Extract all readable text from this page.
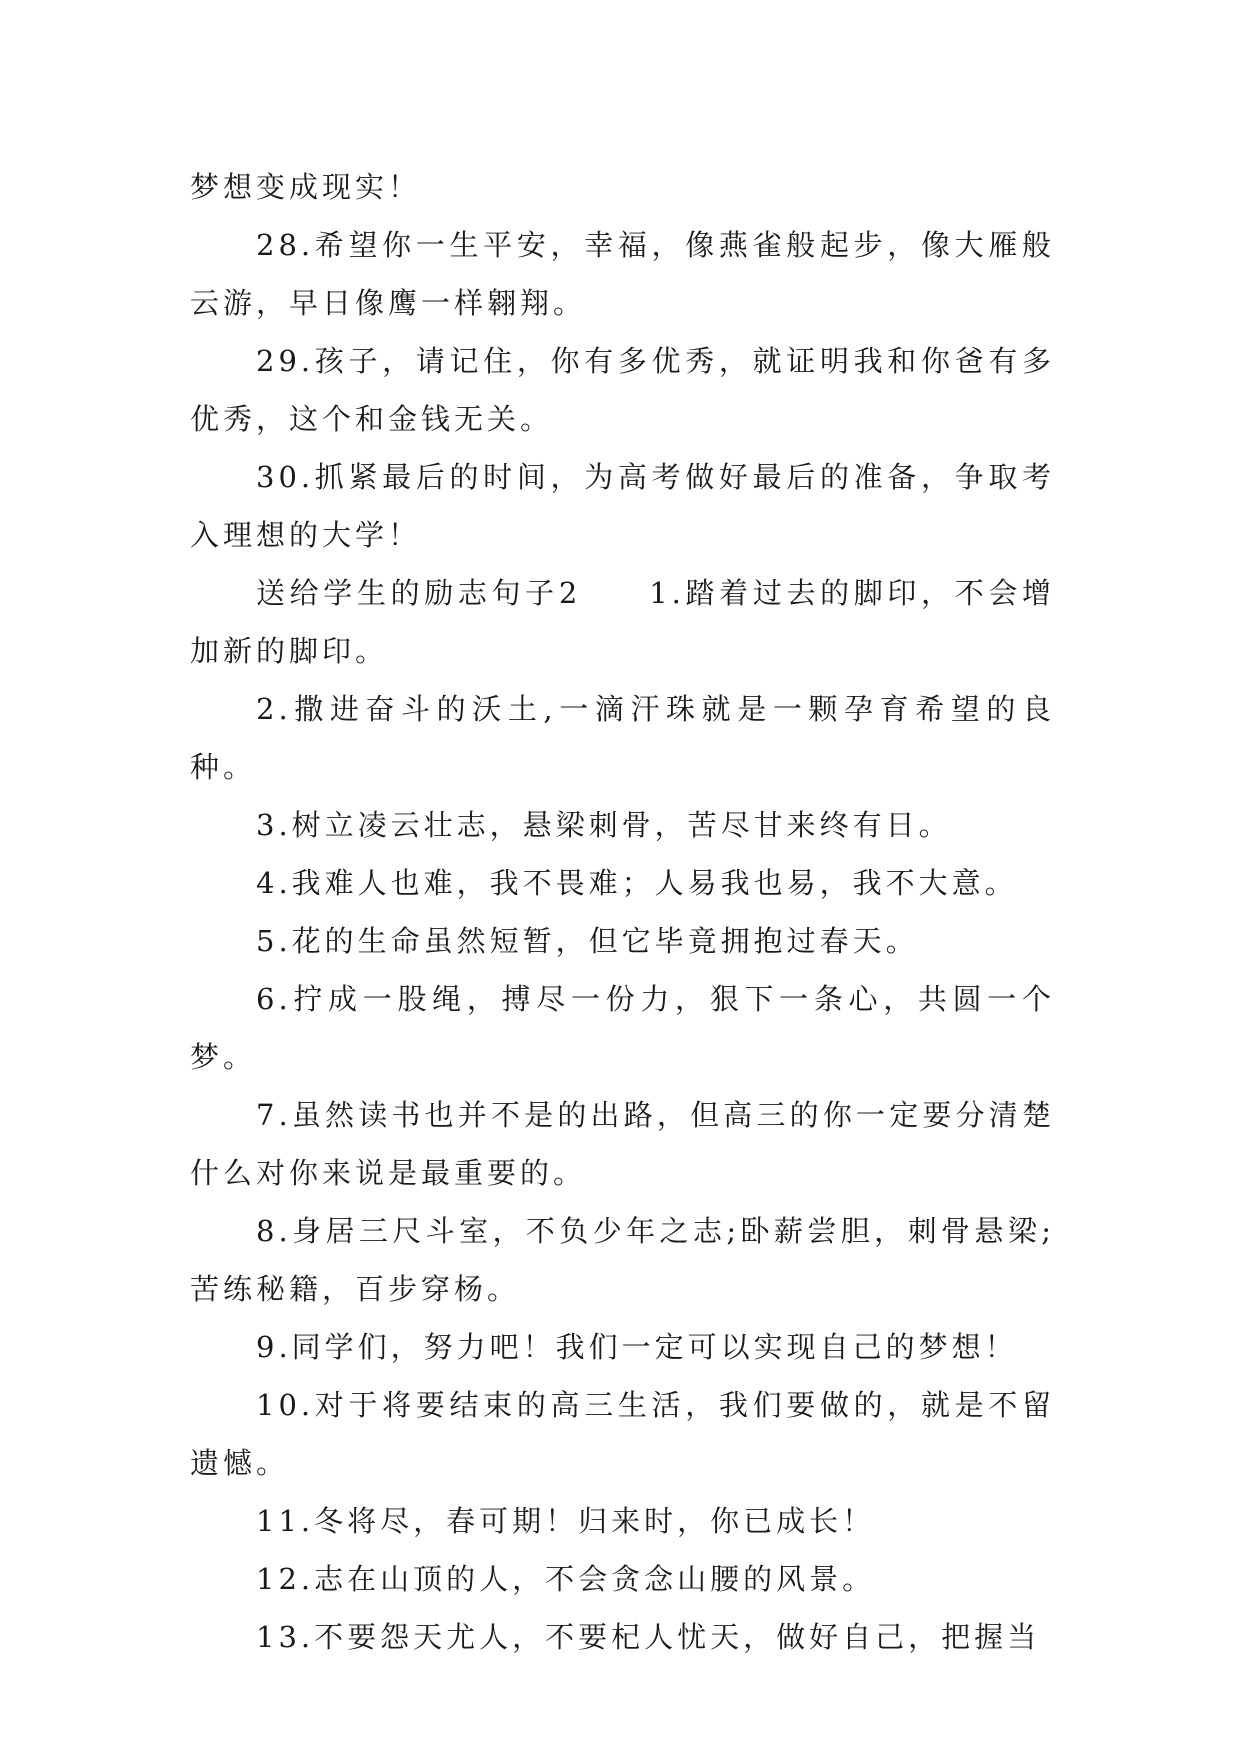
梦想变成现实！

28.希望你一生平安，幸福，像燕雀般起步，像大雁般云游，早日像鹰一样翱翔。

29.孩子，请记住，你有多优秀，就证明我和你爸有多优秀，这个和金钱无关。

30.抓紧最后的时间，为高考做好最后的准备，争取考入理想的大学！

送给学生的励志句子2　　1.踏着过去的脚印，不会增加新的脚印。

2.撒进奋斗的沃土,一滴汗珠就是一颗孕育希望的良种。

3.树立凌云壮志，悬梁刺骨，苦尽甘来终有日。

4.我难人也难，我不畏难；人易我也易，我不大意。

5.花的生命虽然短暂，但它毕竟拥抱过春天。

6.拧成一股绳，搏尽一份力，狠下一条心，共圆一个梦。

7.虽然读书也并不是的出路，但高三的你一定要分清楚什么对你来说是最重要的。

8.身居三尺斗室，不负少年之志;卧薪尝胆，刺骨悬梁;苦练秘籍，百步穿杨。

9.同学们，努力吧！我们一定可以实现自己的梦想！

10.对于将要结束的高三生活，我们要做的，就是不留遗憾。

11.冬将尽，春可期！归来时，你已成长！

12.志在山顶的人，不会贪念山腰的风景。

13.不要怨天尤人，不要杞人忧天，做好自己，把握当
